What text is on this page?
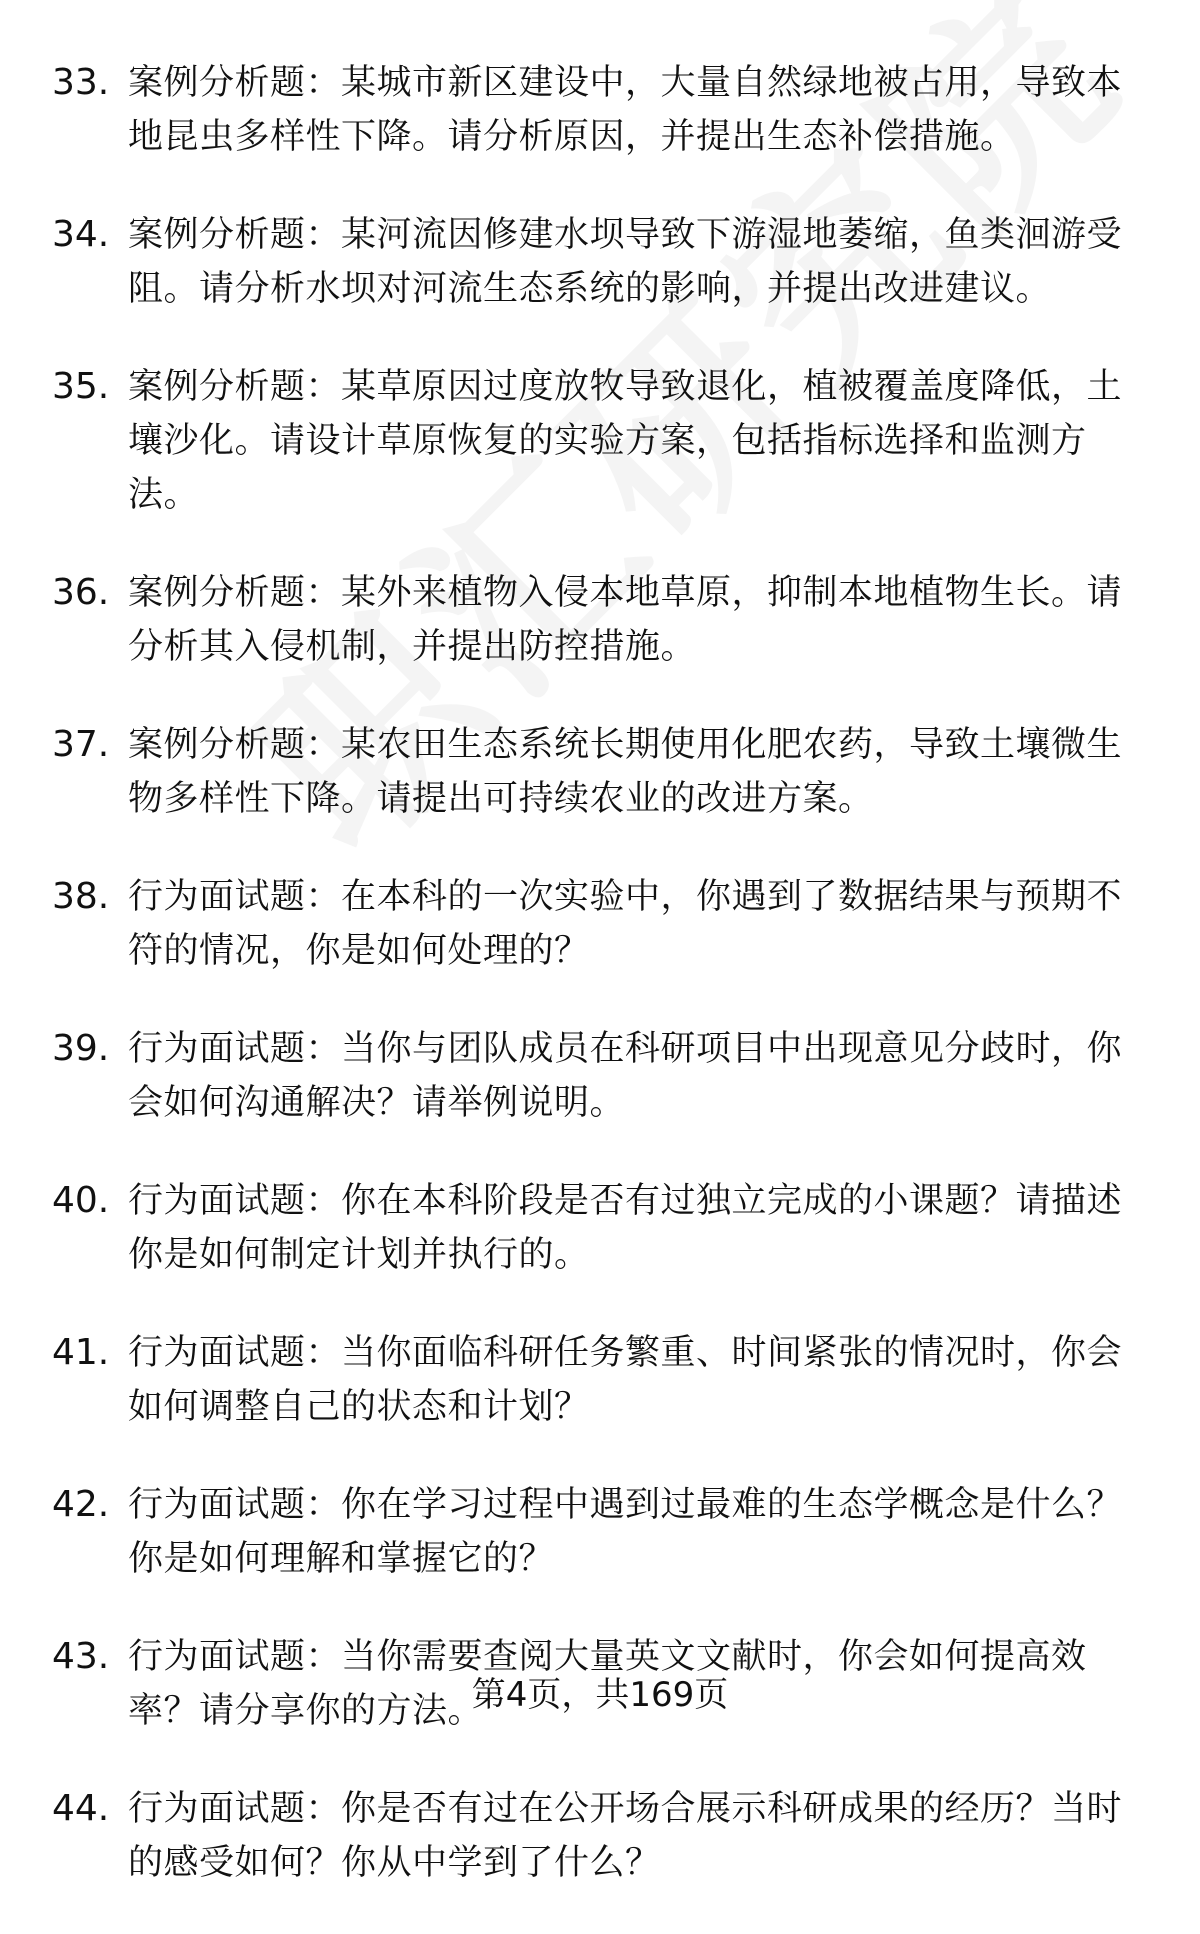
33. 案例分析题：某城市新区建设中，大量自然绿地被占用，导致本地昆虫多样性下降。请分析原因，并提出生态补偿措施。
34. 案例分析题：某河流因修建水坝导致下游湿地萎缩，鱼类洄游受阻。请分析水坝对河流生态系统的影响，并提出改进建议。
35. 案例分析题：某草原因过度放牧导致退化，植被覆盖度降低，土壤沙化。请设计草原恢复的实验方案，包括指标选择和监测方法。
36. 案例分析题：某外来植物入侵本地草原，抑制本地植物生长。请分析其入侵机制，并提出防控措施。
37. 案例分析题：某农田生态系统长期使用化肥农药，导致土壤微生物多样性下降。请提出可持续农业的改进方案。
38. 行为面试题：在本科的一次实验中，你遇到了数据结果与预期不符的情况，你是如何处理的？
39. 行为面试题：当你与团队成员在科研项目中出现意见分歧时，你会如何沟通解决？请举例说明。
40. 行为面试题：你在本科阶段是否有过独立完成的小课题？请描述你是如何制定计划并执行的。
41. 行为面试题：当你面临科研任务繁重、时间紧张的情况时，你会如何调整自己的状态和计划？
42. 行为面试题：你在学习过程中遇到过最难的生态学概念是什么？你是如何理解和掌握它的？
43. 行为面试题：当你需要查阅大量英文文献时，你会如何提高效率？请分享你的方法。
44. 行为面试题：你是否有过在公开场合展示科研成果的经历？当时的感受如何？你从中学到了什么？
第4页，共169页
